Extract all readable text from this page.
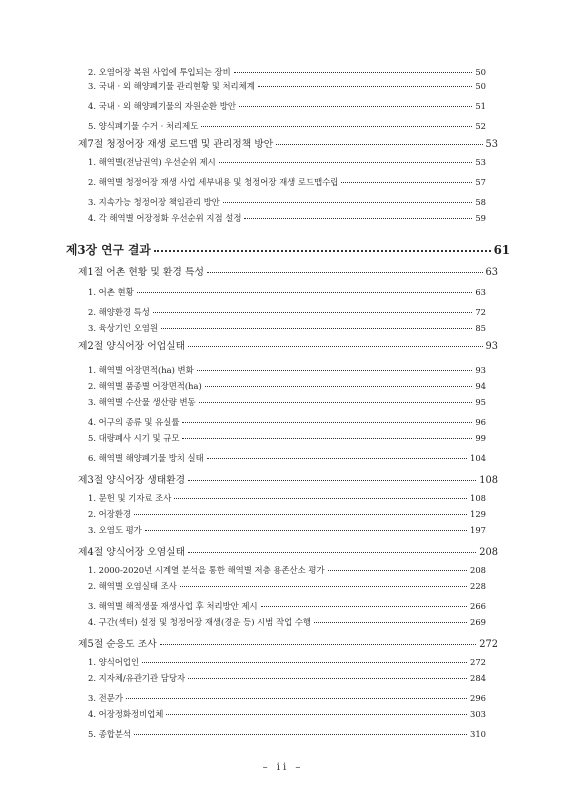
2. 오염어장 복원 사업에 투입되는 장비	50
3. 국내 · 외 해양폐기물 관리현황 및 처리체계	50
4. 국내 · 외 해양폐기물의 자원순환 방안	51
5. 양식폐기물 수거 · 처리제도	52
제7절 청정어장 재생 로드맵 및 관리정책 방안	53
1. 해역별(전남권역) 우선순위 제시	53
2. 해역별 청정어장 재생 사업 세부내용 및 청정어장 재생 로드맵수립	57
3. 지속가능 청정어장 책임관리 방안	58
4. 각 해역별 어장정화 우선순위 지점 설정	59
제3장 연구 결과	61
제1절 어촌 현황 및 환경 특성	63
1. 어촌 현황	63
2. 해양환경 특성	72
3. 육상기인 오염원	85
제2절 양식어장 어업실태	93
1. 해역별 어장면적(ha) 변화	93
2. 해역별 품종별 어장면적(ha)	94
3. 해역별 수산물 생산량 변동	95
4. 어구의 종류 및 유실률	96
5. 대량폐사 시기 및 규모	99
6. 해역별 해양폐기물 방치 실태	104
제3절 양식어장 생태환경	108
1. 문헌 및 기자료 조사	108
2. 어장환경	129
3. 오염도 평가	197
제4절 양식어장 오염실태	208
1. 2000-2020년 시계열 분석을 통한 해역별 저층 용존산소 평가	208
2. 해역별 오염실태 조사	228
3. 해역별 해적생물 재생사업 후 처리방안 제시	266
4. 구간(섹터) 설정 및 청정어장 재생(경운 등) 시범 작업 수행	269
제5절 순응도 조사	272
1. 양식어업인	272
2. 지자체/유관기관 담당자	284
3. 전문가	296
4. 어장정화정비업체	303
5. 종합분석	310
– ii –
